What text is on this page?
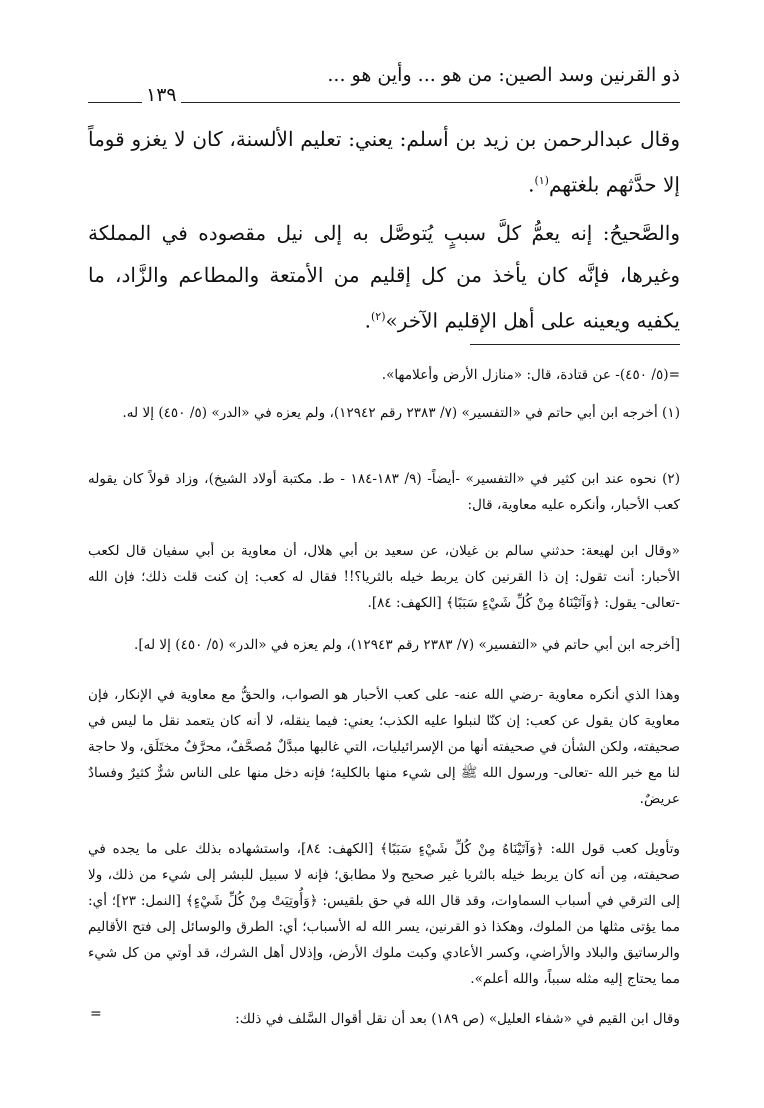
ذو القرنين وسد الصين: من هو ... وأين هو ...
١٣٩

وقال عبدالرحمن بن زيد بن أسلم: يعني: تعليم الألسنة، كان لا يغزو قوماً إلا حدَّثهم بلغتهم$^{(١)}$.

والصَّحيحُ: إنه يعمُّ كلَّ سببٍ يُتوصَّل به إلى نيل مقصوده في المملكة وغيرها، فإنَّه كان يأخذ من كل إقليم من الأمتعة والمطاعم والزَّاد، ما يكفيه ويعينه على أهل الإقليم الآخر»$^{(٢)}$.

=(٥/ ٤٥٠)- عن قتادة، قال: «منازل الأرض وأعلامها».

(١) أخرجه ابن أبي حاتم في «التفسير» (٧/ ٢٣٨٣ رقم ١٢٩٤٢)، ولم يعزه في «الدر» (٥/ ٤٥٠) إلا له.

(٢) نحوه عند ابن كثير في «التفسير» -أيضاً- (٩/ ١٨٣-١٨٤ - ط. مكتبة أولاد الشيخ)، وزاد قولاً كان يقوله كعب الأحبار، وأنكره عليه معاوية، قال:

«وقال ابن لهيعة: حدثني سالم بن غيلان، عن سعيد بن أبي هلال، أن معاوية بن أبي سفيان قال لكعب الأحبار: أنت تقول: إن ذا القرنين كان يربط خيله بالثريا؟!! فقال له كعب: إن كنت قلت ذلك؛ فإن الله -تعالى- يقول: ﴿وَآتَيْنَاهُ مِنْ كُلِّ شَيْءٍ سَبَبًا﴾ [الكهف: ٨٤].

[أخرجه ابن أبي حاتم في «التفسير» (٧/ ٢٣٨٣ رقم ١٢٩٤٣)، ولم يعزه في «الدر» (٥/ ٤٥٠) إلا له].

وهذا الذي أنكره معاوية -رضي الله عنه- على كعب الأحبار هو الصواب، والحقُّ مع معاوية في الإنكار، فإن معاوية كان يقول عن كعب: إن كنّا لنبلوا عليه الكذب؛ يعني: فيما ينقله، لا أنه كان يتعمد نقل ما ليس في صحيفته، ولكن الشأن في صحيفته أنها من الإسرائيليات، التي غالبها مبدَّلٌ مُصحَّفٌ، محرَّفٌ مختَلَق، ولا حاجة لنا مع خبر الله -تعالى- ورسول الله ﷺ إلى شيء منها بالكلية؛ فإنه دخل منها على الناس شرٌّ كثيرٌ وفسادٌ عريضٌ.

وتأويل كعب قول الله: ﴿وَآتَيْنَاهُ مِنْ كُلِّ شَيْءٍ سَبَبًا﴾ [الكهف: ٨٤]، واستشهاده بذلك على ما يجده في صحيفته، مِن أنه كان يربط خيله بالثريا غير صحيح ولا مطابق؛ فإنه لا سبيل للبشر إلى شيء من ذلك، ولا إلى الترقي في أسباب السماوات، وقد قال الله في حق بلقيس: ﴿وَأُوتِيَتْ مِنْ كُلِّ شَيْءٍ﴾ [النمل: ٢٣]؛ أي: مما يؤتى مثلها من الملوك، وهكذا ذو القرنين، يسر الله له الأسباب؛ أي: الطرق والوسائل إلى فتح الأقاليم والرساتيق والبلاد والأراضي، وكسر الأعادي وكبت ملوك الأرض، وإذلال أهل الشرك، قد أوتي من كل شيء مما يحتاج إليه مثله سبباً، والله أعلم».

وقال ابن القيم في «شفاء العليل» (ص ١٨٩) بعد أن نقل أقوال السَّلف في ذلك:

=
